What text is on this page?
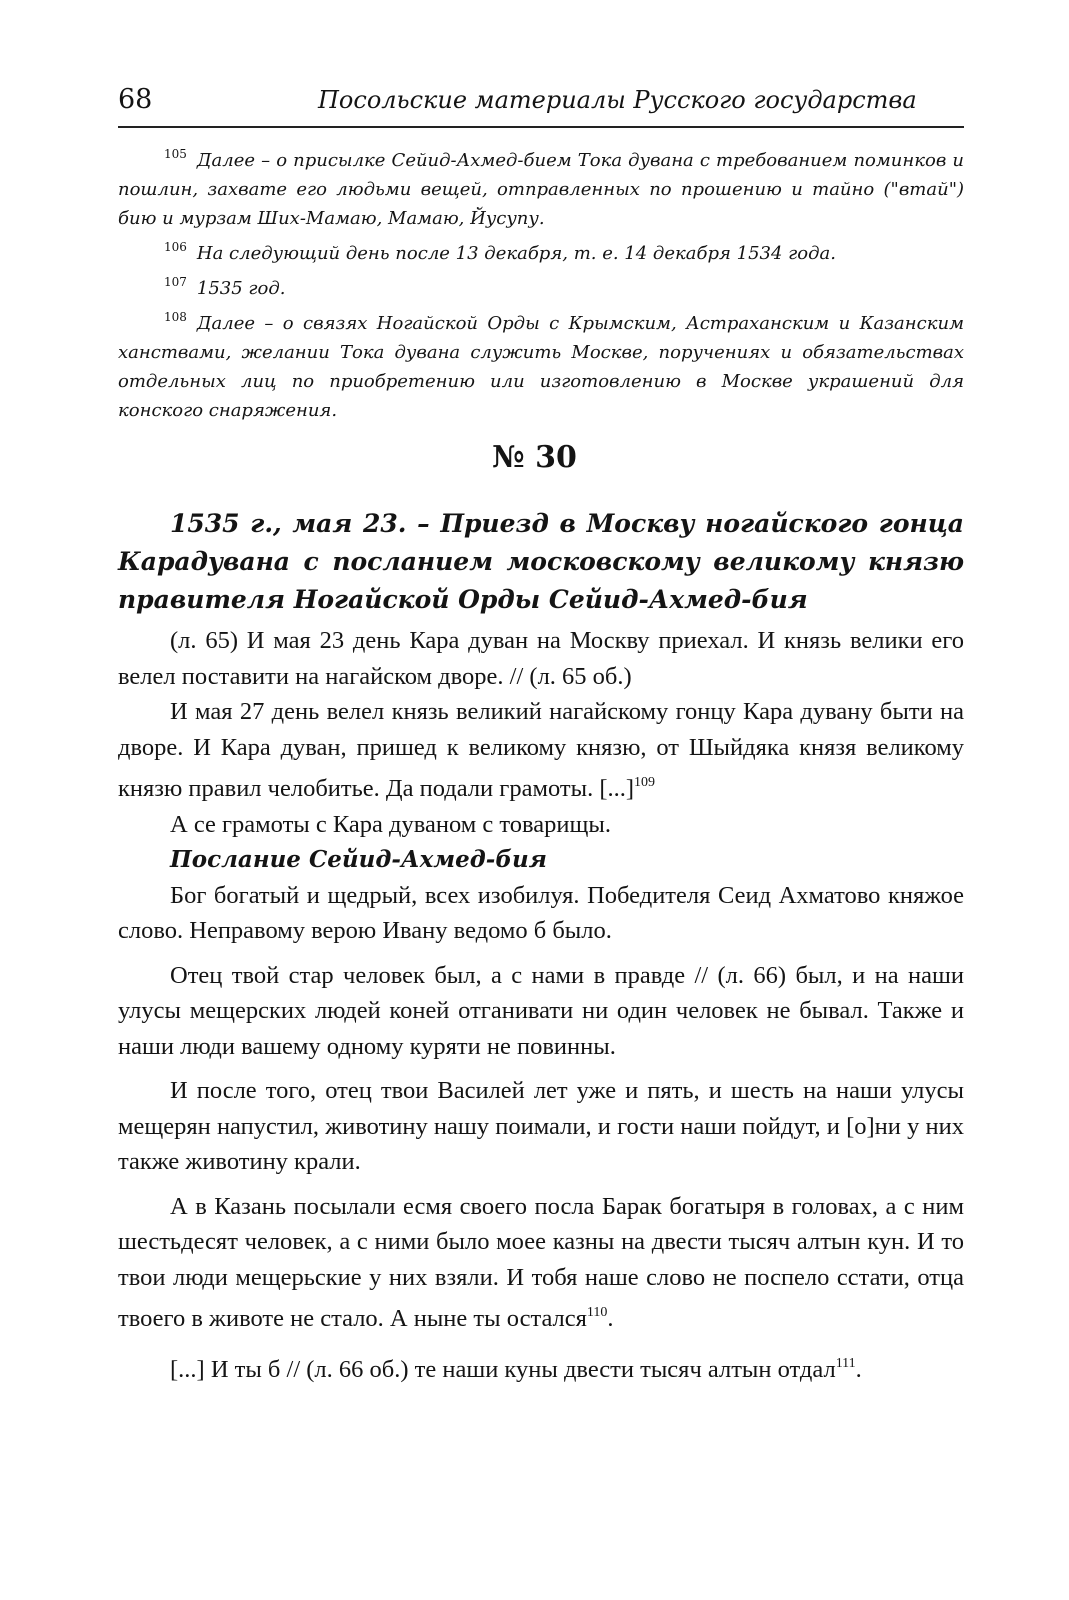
68	Посольские материалы Русского государства

$^{105}$ Далее – о присылке Сейид-Ахмед-бием Тока дувана с требованием поминков и пошлин, захвате его людьми вещей, отправленных по прошению и тайно ("втай") бию и мурзам Ших-Мамаю, Мамаю, Йусупу.

$^{106}$ На следующий день после 13 декабря, т. е. 14 декабря 1534 года.

$^{107}$ 1535 год.

$^{108}$ Далее – о связях Ногайской Орды с Крымским, Астраханским и Казанским ханствами, желании Тока дувана служить Москве, поручениях и обязательствах отдельных лиц по приобретению или изготовлению в Москве украшений для конского снаряжения.

№ 30
1535 г., мая 23. – Приезд в Москву ногайского гонца Карадувана с посланием московскому великому князю правителя Ногайской Орды Сейид-Ахмед-бия

(л. 65) И мая 23 день Кара дуван на Москву приехал. И князь велики его велел поставити на нагайском дворе. // (л. 65 об.)

И мая 27 день велел князь великий нагайскому гонцу Кара дувану быти на дворе. И Кара дуван, пришед к великому князю, от Шыйдяка князя великому князю правил челобитье. Да подали грамоты. [...]$^{109}$

А се грамоты с Кара дуваном с товарищы.

Послание Сейид-Ахмед-бия

Бог богатый и щедрый, всех изобилуя. Победителя Сеид Ахматово княжое слово. Неправому верою Ивану ведомо б было.

Отец твой стар человек был, а с нами в правде // (л. 66) был, и на наши улусы мещерских людей коней отганивати ни один человек не бывал. Также и наши люди вашему одному куряти не повинны.

И после того, отец твои Василей лет уже и пять, и шесть на наши улусы мещерян напустил, животину нашу поимали, и гости наши пойдут, и [о]ни у них также животину крали.

А в Казань посылали есмя своего посла Барак богатыря в головах, а с ним шестьдесят человек, а с ними было моее казны на двести тысяч алтын кун. И то твои люди мещерьские у них взяли. И тобя наше слово не поспело сстати, отца твоего в животе не стало. А ныне ты остался$^{110}$.

[...] И ты б // (л. 66 об.) те наши куны двести тысяч алтын отдал$^{111}$.
